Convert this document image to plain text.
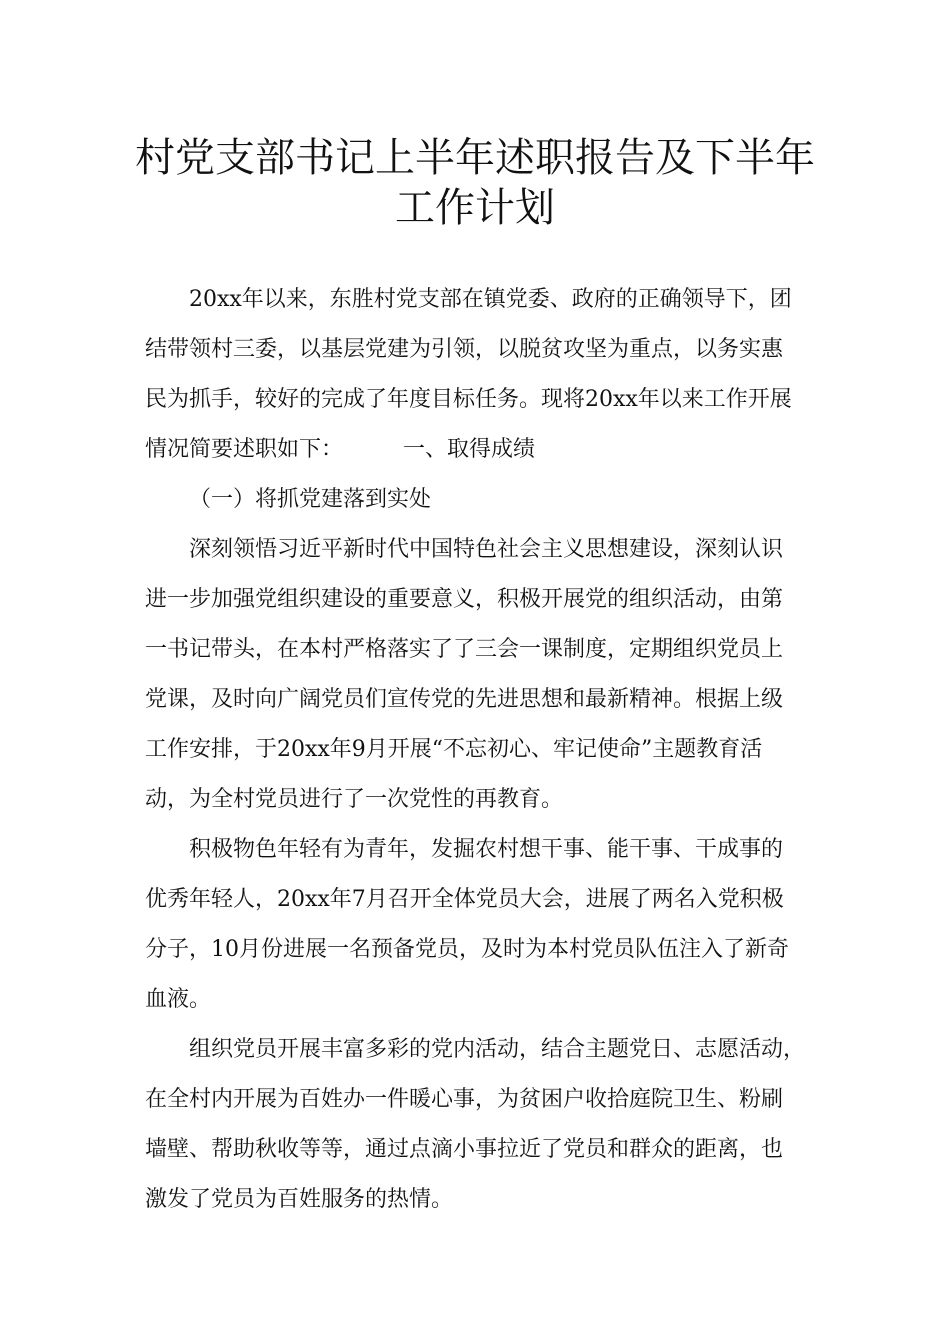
村党支部书记上半年述职报告及下半年
工作计划
20xx年以来，东胜村党支部在镇党委、政府的正确领导下，团
结带领村三委，以基层党建为引领，以脱贫攻坚为重点，以务实惠
民为抓手，较好的完成了年度目标任务。现将20xx年以来工作开展
情况简要述职如下：	一、取得成绩
（一）将抓党建落到实处
深刻领悟习近平新时代中国特色社会主义思想建设，深刻认识
进一步加强党组织建设的重要意义，积极开展党的组织活动，由第
一书记带头，在本村严格落实了了三会一课制度，定期组织党员上
党课，及时向广阔党员们宣传党的先进思想和最新精神。根据上级
工作安排，于20xx年9月开展“不忘初心、牢记使命”主题教育活
动，为全村党员进行了一次党性的再教育。
积极物色年轻有为青年，发掘农村想干事、能干事、干成事的
优秀年轻人，20xx年7月召开全体党员大会，进展了两名入党积极
分子，10月份进展一名预备党员，及时为本村党员队伍注入了新奇
血液。
组织党员开展丰富多彩的党内活动，结合主题党日、志愿活动，
在全村内开展为百姓办一件暖心事，为贫困户收拾庭院卫生、粉刷
墙壁、帮助秋收等等，通过点滴小事拉近了党员和群众的距离，也
激发了党员为百姓服务的热情。
